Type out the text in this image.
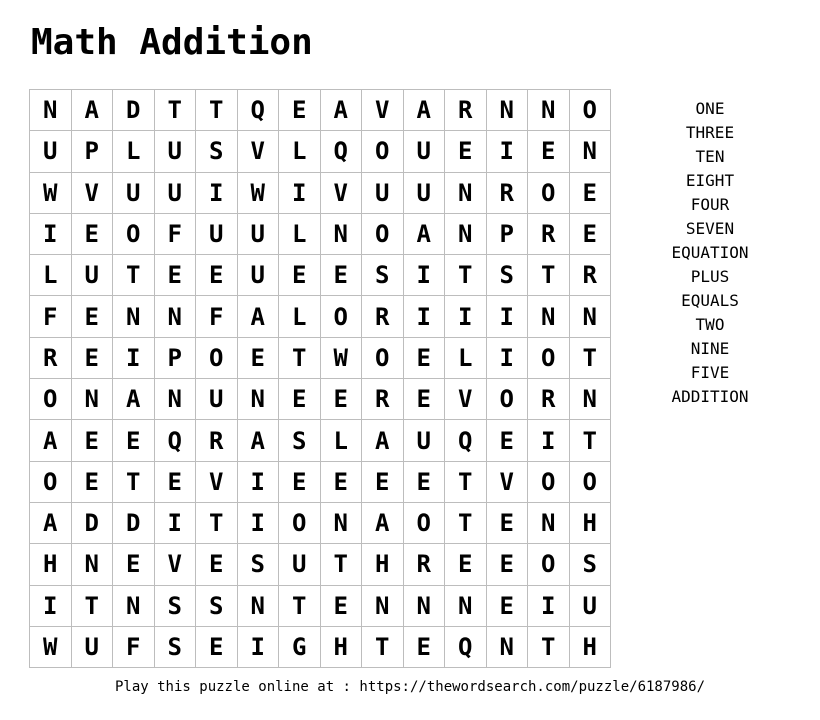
Math Addition
N	A	D	T	T	Q	E	A	V	A	R	N	N	O
U	P	L	U	S	V	L	Q	O	U	E	I	E	N
W	V	U	U	I	W	I	V	U	U	N	R	O	E
I	E	O	F	U	U	L	N	O	A	N	P	R	E
L	U	T	E	E	U	E	E	S	I	T	S	T	R
F	E	N	N	F	A	L	O	R	I	I	I	N	N
R	E	I	P	O	E	T	W	O	E	L	I	O	T
O	N	A	N	U	N	E	E	R	E	V	O	R	N
A	E	E	Q	R	A	S	L	A	U	Q	E	I	T
O	E	T	E	V	I	E	E	E	E	T	V	O	O
A	D	D	I	T	I	O	N	A	O	T	E	N	H
H	N	E	V	E	S	U	T	H	R	E	E	O	S
I	T	N	S	S	N	T	E	N	N	N	E	I	U
W	U	F	S	E	I	G	H	T	E	Q	N	T	H
ONE
THREE
TEN
EIGHT
FOUR
SEVEN
EQUATION
PLUS
EQUALS
TWO
NINE
FIVE
ADDITION
Play this puzzle online at : https://thewordsearch.com/puzzle/6187986/
